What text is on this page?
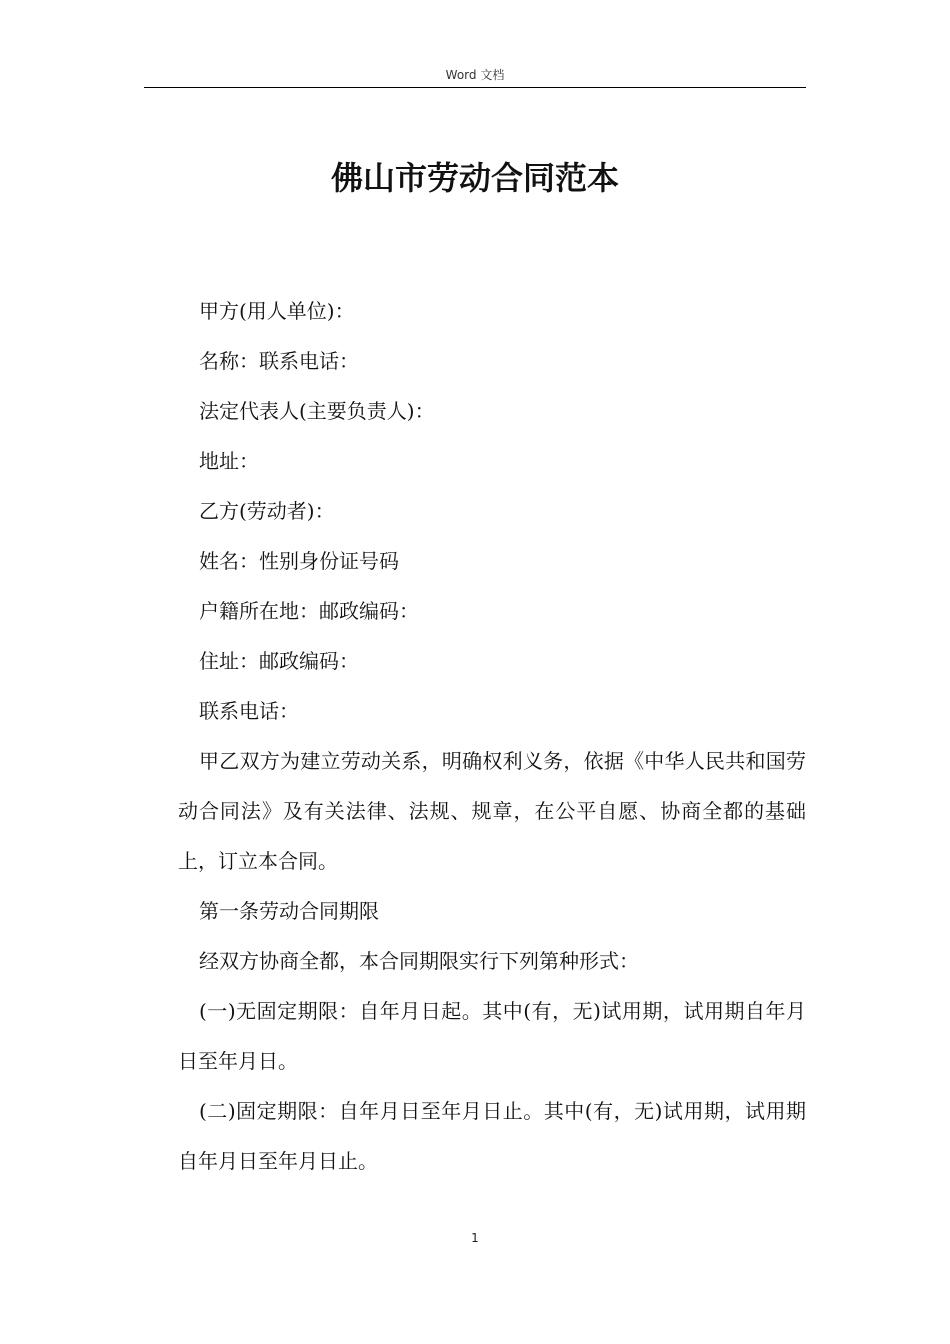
Word 文档
佛山市劳动合同范本

甲方(用人单位)：

名称：联系电话：

法定代表人(主要负责人)：

地址：

乙方(劳动者)：

姓名：性别身份证号码

户籍所在地：邮政编码：

住址：邮政编码：

联系电话：

甲乙双方为建立劳动关系，明确权利义务，依据《中华人民共和国劳动合同法》及有关法律、法规、规章，在公平自愿、协商全都的基础上，订立本合同。

第一条劳动合同期限

经双方协商全都，本合同期限实行下列第种形式：

(一)无固定期限：自年月日起。其中(有，无)试用期，试用期自年月日至年月日。

(二)固定期限：自年月日至年月日止。其中(有，无)试用期，试用期自年月日至年月日止。

1
